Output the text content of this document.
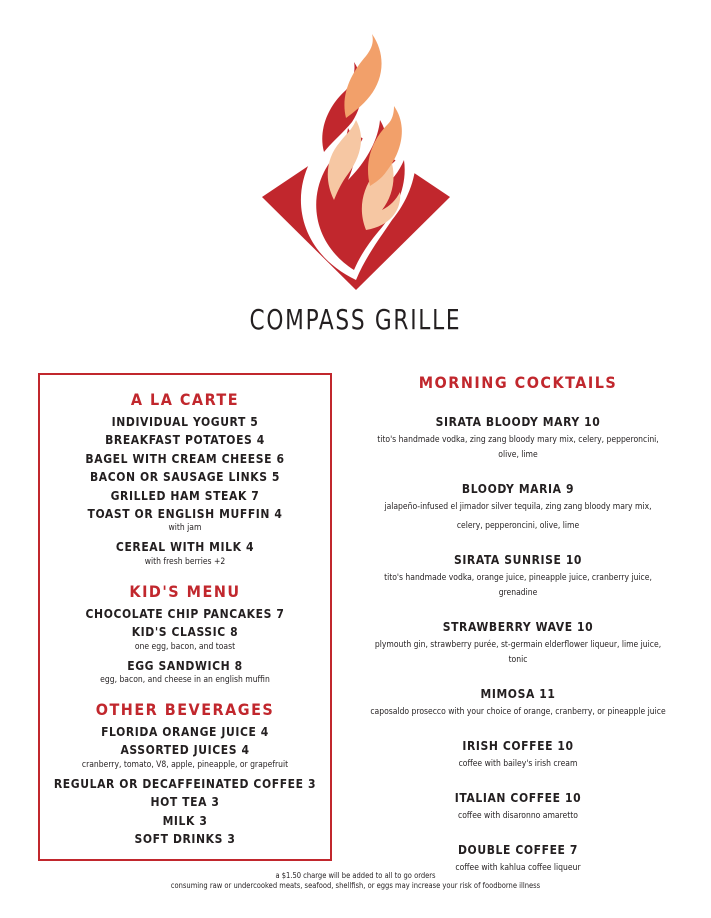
COMPASS GRILLE
A LA CARTE
INDIVIDUAL YOGURT 5
BREAKFAST POTATOES 4
BAGEL WITH CREAM CHEESE 6
BACON OR SAUSAGE LINKS 5
GRILLED HAM STEAK 7
TOAST OR ENGLISH MUFFIN 4
with jam
CEREAL WITH MILK 4
with fresh berries +2
KID'S MENU
CHOCOLATE CHIP PANCAKES 7
KID'S CLASSIC 8
one egg, bacon, and toast
EGG SANDWICH 8
egg, bacon, and cheese in an english muffin
OTHER BEVERAGES
FLORIDA ORANGE JUICE 4
ASSORTED JUICES 4
cranberry, tomato, V8, apple, pineapple, or grapefruit
REGULAR OR DECAFFEINATED COFFEE 3
HOT TEA 3
MILK 3
SOFT DRINKS 3
MORNING COCKTAILS
SIRATA BLOODY MARY 10
tito's handmade vodka, zing zang bloody mary mix, celery, pepperoncini, olive, lime
BLOODY MARIA 9
jalapeño-infused el jimador silver tequila, zing zang bloody mary mix,
celery, pepperoncini, olive, lime
SIRATA SUNRISE 10
tito's handmade vodka, orange juice, pineapple juice, cranberry juice, grenadine
STRAWBERRY WAVE 10
plymouth gin, strawberry purée, st-germain elderflower liqueur, lime juice, tonic
MIMOSA 11
caposaldo prosecco with your choice of orange, cranberry, or pineapple juice
IRISH COFFEE 10
coffee with bailey's irish cream
ITALIAN COFFEE 10
coffee with disaronno amaretto
DOUBLE COFFEE 7
coffee with kahlua coffee liqueur
a $1.50 charge will be added to all to go orders
consuming raw or undercooked meats, seafood, shellfish, or eggs may increase your risk of foodborne illness
